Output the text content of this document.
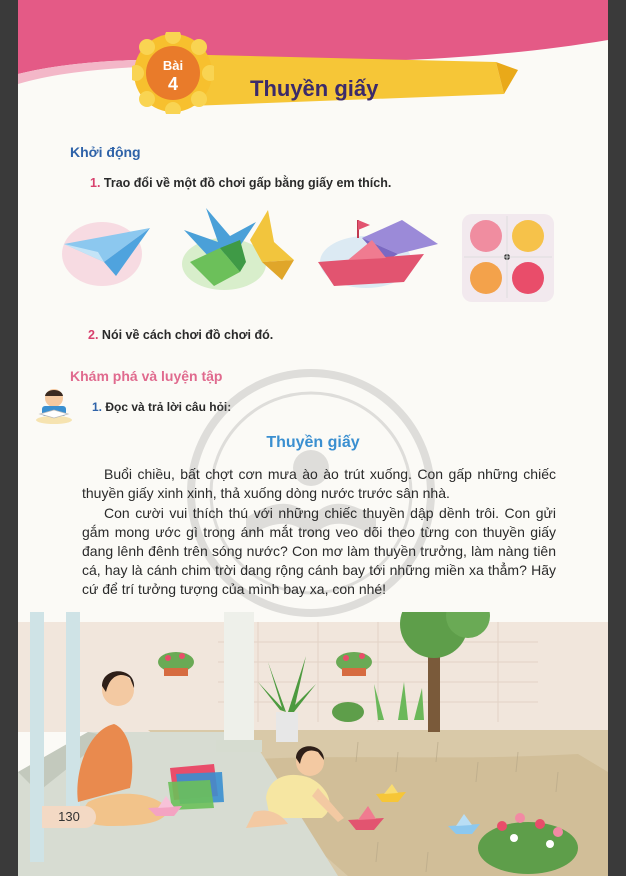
Bài
4	Thuyền giấy
Khởi động
1. Trao đổi về một đồ chơi gấp bằng giấy em thích.
2. Nói về cách chơi đồ chơi đó.
Khám phá và luyện tập
1. Đọc và trả lời câu hỏi:
Thuyền giấy

Buổi chiều, bất chợt cơn mưa ào ào trút xuống. Con gấp những chiếc thuyền giấy xinh xinh, thả xuống dòng nước trước sân nhà.

Con cười vui thích thú với những chiếc thuyền dập dềnh trôi. Con gửi gắm mong ước gì trong ánh mắt trong veo dõi theo từng con thuyền giấy đang lênh đênh trên sóng nước? Con mơ làm thuyền trưởng, làm nàng tiên cá, hay là cánh chim trời dang rộng cánh bay tới những miền xa thẳm? Hãy cứ để trí tưởng tượng của mình bay xa, con nhé!

130
